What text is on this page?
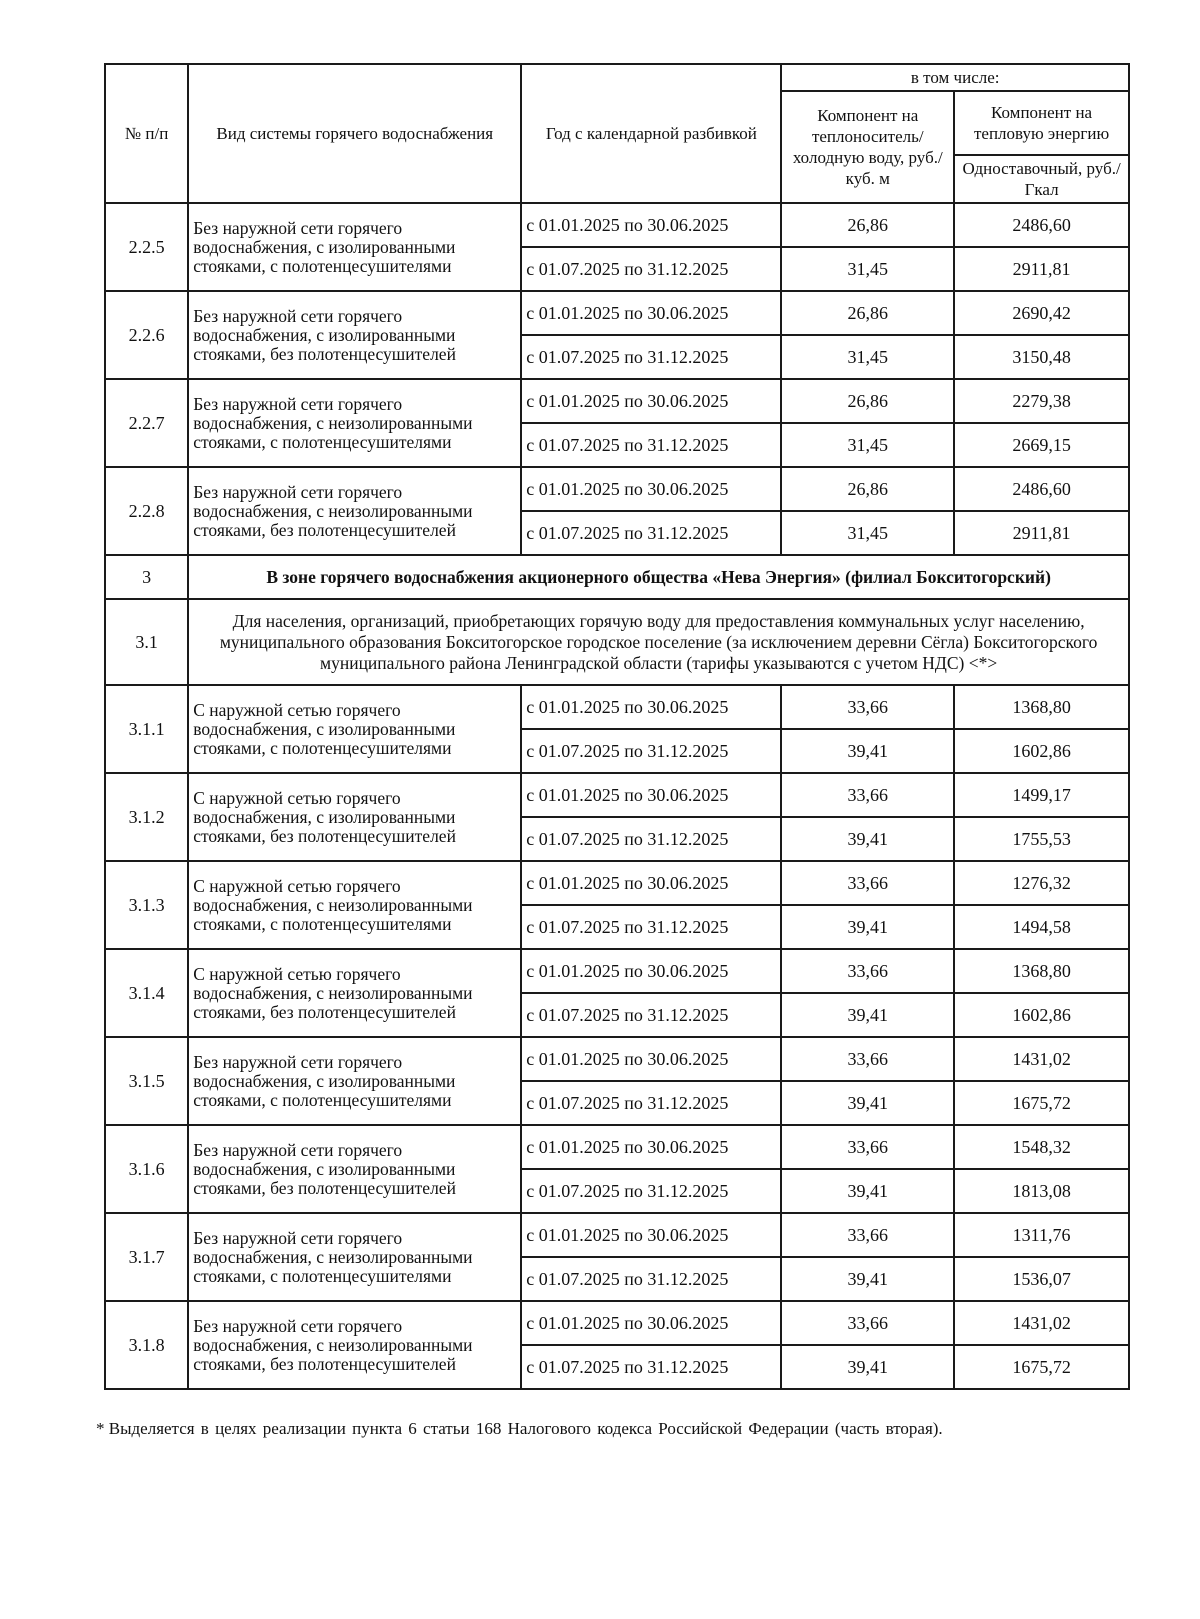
№ п/п	Вид системы горячего водоснабжения	Год с календарной разбивкой	в том числе:	
			Компонент на теплоноситель/ холодную воду, руб./куб. м	Компонент на тепловую энергию
				Одноставочный, руб./Гкал
2.2.5	Без наружной сети горячего водоснабжения, с изолированными стояками, с полотенцесушителями	с 01.01.2025 по 30.06.2025	26,86	2486,60
		с 01.07.2025 по 31.12.2025	31,45	2911,81
2.2.6	Без наружной сети горячего водоснабжения, с изолированными стояками, без полотенцесушителей	с 01.01.2025 по 30.06.2025	26,86	2690,42
		с 01.07.2025 по 31.12.2025	31,45	3150,48
2.2.7	Без наружной сети горячего водоснабжения, с неизолированными стояками, с полотенцесушителями	с 01.01.2025 по 30.06.2025	26,86	2279,38
		с 01.07.2025 по 31.12.2025	31,45	2669,15
2.2.8	Без наружной сети горячего водоснабжения, с неизолированными стояками, без полотенцесушителей	с 01.01.2025 по 30.06.2025	26,86	2486,60
		с 01.07.2025 по 31.12.2025	31,45	2911,81
3	В зоне горячего водоснабжения акционерного общества «Нева Энергия» (филиал Бокситогорский)			
3.1	Для населения, организаций, приобретающих горячую воду для предоставления коммунальных услуг населению, муниципального образования Бокситогорское городское поселение (за исключением деревни Сёгла) Бокситогорского муниципального района Ленинградской области (тарифы указываются с учетом НДС) <*>			
3.1.1	С наружной сетью горячего водоснабжения, с изолированными стояками, с полотенцесушителями	с 01.01.2025 по 30.06.2025	33,66	1368,80
		с 01.07.2025 по 31.12.2025	39,41	1602,86
3.1.2	С наружной сетью горячего водоснабжения, с изолированными стояками, без полотенцесушителей	с 01.01.2025 по 30.06.2025	33,66	1499,17
		с 01.07.2025 по 31.12.2025	39,41	1755,53
3.1.3	С наружной сетью горячего водоснабжения, с неизолированными стояками, с полотенцесушителями	с 01.01.2025 по 30.06.2025	33,66	1276,32
		с 01.07.2025 по 31.12.2025	39,41	1494,58
3.1.4	С наружной сетью горячего водоснабжения, с неизолированными стояками, без полотенцесушителей	с 01.01.2025 по 30.06.2025	33,66	1368,80
		с 01.07.2025 по 31.12.2025	39,41	1602,86
3.1.5	Без наружной сети горячего водоснабжения, с изолированными стояками, с полотенцесушителями	с 01.01.2025 по 30.06.2025	33,66	1431,02
		с 01.07.2025 по 31.12.2025	39,41	1675,72
3.1.6	Без наружной сети горячего водоснабжения, с изолированными стояками, без полотенцесушителей	с 01.01.2025 по 30.06.2025	33,66	1548,32
		с 01.07.2025 по 31.12.2025	39,41	1813,08
3.1.7	Без наружной сети горячего водоснабжения, с неизолированными стояками, с полотенцесушителями	с 01.01.2025 по 30.06.2025	33,66	1311,76
		с 01.07.2025 по 31.12.2025	39,41	1536,07
3.1.8	Без наружной сети горячего водоснабжения, с неизолированными стояками, без полотенцесушителей	с 01.01.2025 по 30.06.2025	33,66	1431,02
		с 01.07.2025 по 31.12.2025	39,41	1675,72
* Выделяется в целях реализации пункта 6 статьи 168 Налогового кодекса Российской Федерации (часть вторая).
